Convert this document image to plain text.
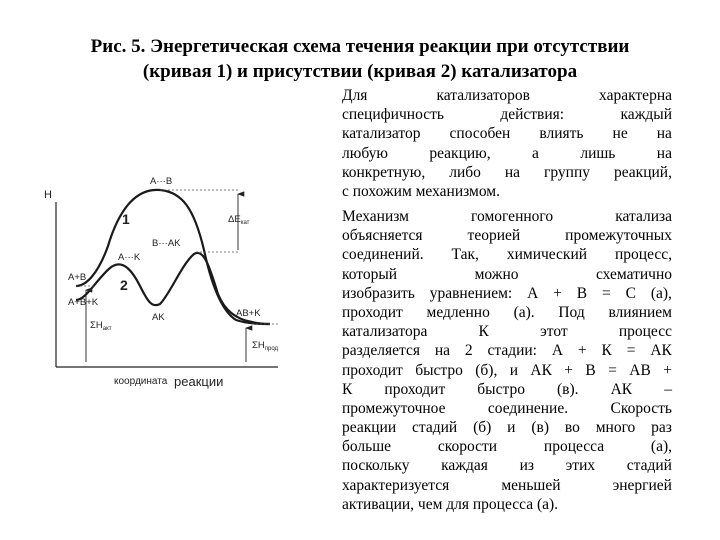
Рис. 5. Энергетическая схема течения реакции при отсутствии
(кривая 1) и присутствии (кривая 2) катализатора
H
координата реакции
A···B
A···K
B···AK
1
2
A+B
A+B+K
AK	AB+K
$\Delta E_{кат}$
$\Sigma H_{акт}$
$\Sigma H_{прод}$
Для	катализаторов	характерна
специфичность	действия:	каждый
катализатор способен влиять не на
любую	реакцию,	а	лишь	на
конкретную, либо на группу реакций,
с похожим механизмом.
Механизм	гомогенного	катализа
объясняется	теорией	промежуточных
соединений. Так, химический процесс,
который	можно	схематично
изобразить уравнением: А + В = С (а),
проходит медленно (а). Под влиянием
катализатора	К	этот	процесс
разделяется на 2 стадии: А + К = АК
проходит быстро (б), и АК + В = АВ +
К проходит быстро (в). АК –
промежуточное	соединение.	Скорость
реакции стадий (б) и (в) во много раз
больше	скорости	процесса	(а),
поскольку каждая из этих стадий
характеризуется	меньшей	энергией
активации, чем для процесса (а).
